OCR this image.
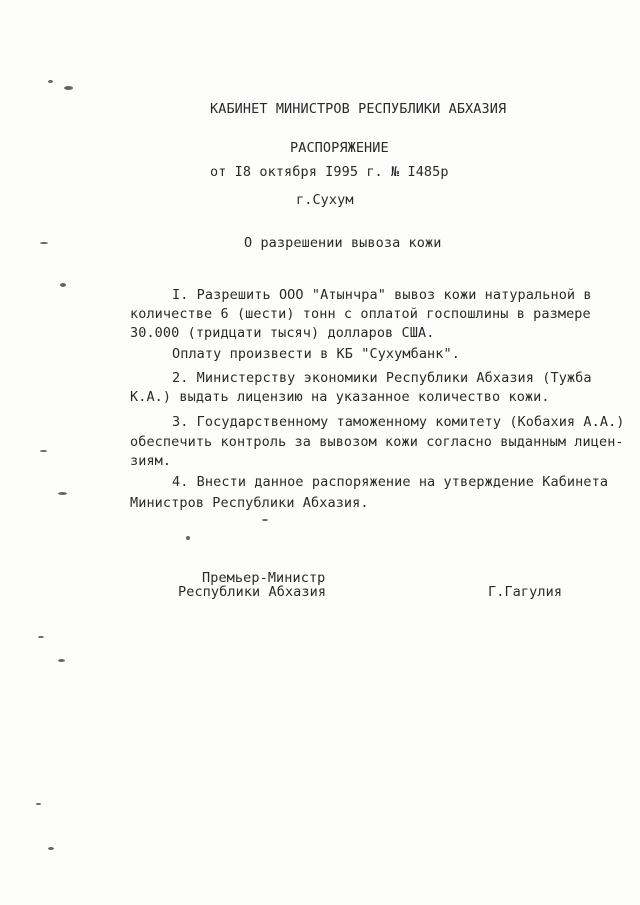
КАБИНЕТ МИНИСТРОВ РЕСПУБЛИКИ АБХАЗИЯ
РАСПОРЯЖЕНИЕ
от I8 октября I995 г. № I485р
г.Сухум
О разрешении вывоза кожи
I. Разрешить ООО "Атынчра" вывоз кожи натуральной в
количестве 6 (шести) тонн с оплатой госпошлины в размере
30.000 (тридцати тысяч) долларов США.
Оплату произвести в КБ "Сухумбанк".
2. Министерству экономики Республики Абхазия (Тужба
К.А.) выдать лицензию на указанное количество кожи.
3. Государственному таможенному комитету (Кобахия А.А.)
обеспечить контроль за вывозом кожи согласно выданным лицен-
зиям.
4. Внести данное распоряжение на утверждение Кабинета
Министров Республики Абхазия.
Премьер-Министр
Республики Абхазия	Г.Гагулия
